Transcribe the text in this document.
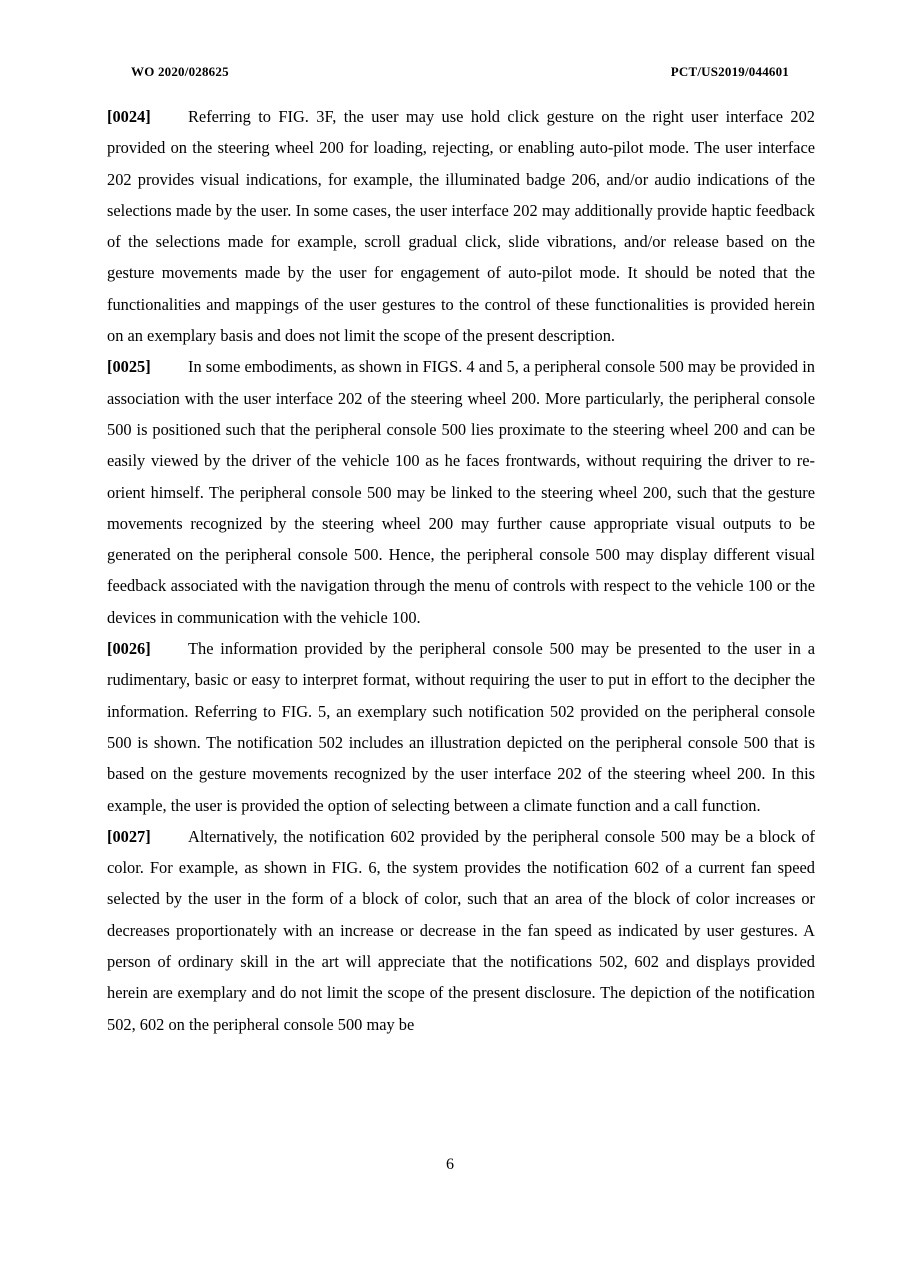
WO 2020/028625	PCT/US2019/044601

[0024] Referring to FIG. 3F, the user may use hold click gesture on the right user interface 202 provided on the steering wheel 200 for loading, rejecting, or enabling auto-pilot mode. The user interface 202 provides visual indications, for example, the illuminated badge 206, and/or audio indications of the selections made by the user. In some cases, the user interface 202 may additionally provide haptic feedback of the selections made for example, scroll gradual click, slide vibrations, and/or release based on the gesture movements made by the user for engagement of auto-pilot mode. It should be noted that the functionalities and mappings of the user gestures to the control of these functionalities is provided herein on an exemplary basis and does not limit the scope of the present description.

[0025] In some embodiments, as shown in FIGS. 4 and 5, a peripheral console 500 may be provided in association with the user interface 202 of the steering wheel 200. More particularly, the peripheral console 500 is positioned such that the peripheral console 500 lies proximate to the steering wheel 200 and can be easily viewed by the driver of the vehicle 100 as he faces frontwards, without requiring the driver to re-orient himself. The peripheral console 500 may be linked to the steering wheel 200, such that the gesture movements recognized by the steering wheel 200 may further cause appropriate visual outputs to be generated on the peripheral console 500. Hence, the peripheral console 500 may display different visual feedback associated with the navigation through the menu of controls with respect to the vehicle 100 or the devices in communication with the vehicle 100.

[0026] The information provided by the peripheral console 500 may be presented to the user in a rudimentary, basic or easy to interpret format, without requiring the user to put in effort to the decipher the information. Referring to FIG. 5, an exemplary such notification 502 provided on the peripheral console 500 is shown. The notification 502 includes an illustration depicted on the peripheral console 500 that is based on the gesture movements recognized by the user interface 202 of the steering wheel 200. In this example, the user is provided the option of selecting between a climate function and a call function.

[0027] Alternatively, the notification 602 provided by the peripheral console 500 may be a block of color. For example, as shown in FIG. 6, the system provides the notification 602 of a current fan speed selected by the user in the form of a block of color, such that an area of the block of color increases or decreases proportionately with an increase or decrease in the fan speed as indicated by user gestures. A person of ordinary skill in the art will appreciate that the notifications 502, 602 and displays provided herein are exemplary and do not limit the scope of the present disclosure. The depiction of the notification 502, 602 on the peripheral console 500 may be

6
